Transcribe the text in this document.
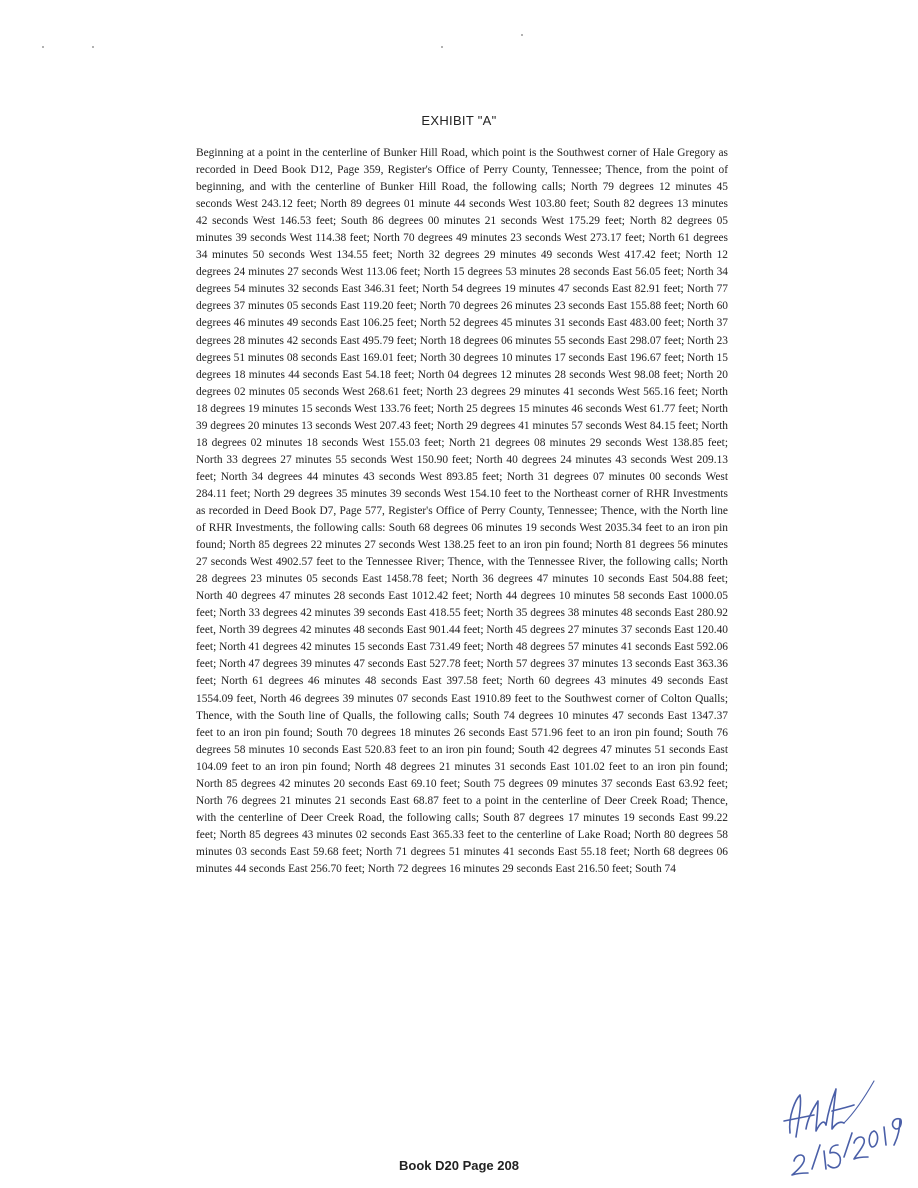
EXHIBIT "A"

Beginning at a point in the centerline of Bunker Hill Road, which point is the Southwest corner of Hale Gregory as recorded in Deed Book D12, Page 359, Register's Office of Perry County, Tennessee; Thence, from the point of beginning, and with the centerline of Bunker Hill Road, the following calls; North 79 degrees 12 minutes 45 seconds West 243.12 feet; North 89 degrees 01 minute 44 seconds West 103.80 feet; South 82 degrees 13 minutes 42 seconds West 146.53 feet; South 86 degrees 00 minutes 21 seconds West 175.29 feet; North 82 degrees 05 minutes 39 seconds West 114.38 feet; North 70 degrees 49 minutes 23 seconds West 273.17 feet; North 61 degrees 34 minutes 50 seconds West 134.55 feet; North 32 degrees 29 minutes 49 seconds West 417.42 feet; North 12 degrees 24 minutes 27 seconds West 113.06 feet; North 15 degrees 53 minutes 28 seconds East 56.05 feet; North 34 degrees 54 minutes 32 seconds East 346.31 feet; North 54 degrees 19 minutes 47 seconds East 82.91 feet; North 77 degrees 37 minutes 05 seconds East 119.20 feet; North 70 degrees 26 minutes 23 seconds East 155.88 feet; North 60 degrees 46 minutes 49 seconds East 106.25 feet; North 52 degrees 45 minutes 31 seconds East 483.00 feet; North 37 degrees 28 minutes 42 seconds East 495.79 feet; North 18 degrees 06 minutes 55 seconds East 298.07 feet; North 23 degrees 51 minutes 08 seconds East 169.01 feet; North 30 degrees 10 minutes 17 seconds East 196.67 feet; North 15 degrees 18 minutes 44 seconds East 54.18 feet; North 04 degrees 12 minutes 28 seconds West 98.08 feet; North 20 degrees 02 minutes 05 seconds West 268.61 feet; North 23 degrees 29 minutes 41 seconds West 565.16 feet; North 18 degrees 19 minutes 15 seconds West 133.76 feet; North 25 degrees 15 minutes 46 seconds West 61.77 feet; North 39 degrees 20 minutes 13 seconds West 207.43 feet; North 29 degrees 41 minutes 57 seconds West 84.15 feet; North 18 degrees 02 minutes 18 seconds West 155.03 feet; North 21 degrees 08 minutes 29 seconds West 138.85 feet; North 33 degrees 27 minutes 55 seconds West 150.90 feet; North 40 degrees 24 minutes 43 seconds West 209.13 feet; North 34 degrees 44 minutes 43 seconds West 893.85 feet; North 31 degrees 07 minutes 00 seconds West 284.11 feet; North 29 degrees 35 minutes 39 seconds West 154.10 feet to the Northeast corner of RHR Investments as recorded in Deed Book D7, Page 577, Register's Office of Perry County, Tennessee; Thence, with the North line of RHR Investments, the following calls: South 68 degrees 06 minutes 19 seconds West 2035.34 feet to an iron pin found; North 85 degrees 22 minutes 27 seconds West 138.25 feet to an iron pin found; North 81 degrees 56 minutes 27 seconds West 4902.57 feet to the Tennessee River; Thence, with the Tennessee River, the following calls; North 28 degrees 23 minutes 05 seconds East 1458.78 feet; North 36 degrees 47 minutes 10 seconds East 504.88 feet; North 40 degrees 47 minutes 28 seconds East 1012.42 feet; North 44 degrees 10 minutes 58 seconds East 1000.05 feet; North 33 degrees 42 minutes 39 seconds East 418.55 feet; North 35 degrees 38 minutes 48 seconds East 280.92 feet, North 39 degrees 42 minutes 48 seconds East 901.44 feet; North 45 degrees 27 minutes 37 seconds East 120.40 feet; North 41 degrees 42 minutes 15 seconds East 731.49 feet; North 48 degrees 57 minutes 41 seconds East 592.06 feet; North 47 degrees 39 minutes 47 seconds East 527.78 feet; North 57 degrees 37 minutes 13 seconds East 363.36 feet; North 61 degrees 46 minutes 48 seconds East 397.58 feet; North 60 degrees 43 minutes 49 seconds East 1554.09 feet, North 46 degrees 39 minutes 07 seconds East 1910.89 feet to the Southwest corner of Colton Qualls; Thence, with the South line of Qualls, the following calls; South 74 degrees 10 minutes 47 seconds East 1347.37 feet to an iron pin found; South 70 degrees 18 minutes 26 seconds East 571.96 feet to an iron pin found; South 76 degrees 58 minutes 10 seconds East 520.83 feet to an iron pin found; South 42 degrees 47 minutes 51 seconds East 104.09 feet to an iron pin found; North 48 degrees 21 minutes 31 seconds East 101.02 feet to an iron pin found; North 85 degrees 42 minutes 20 seconds East 69.10 feet; South 75 degrees 09 minutes 37 seconds East 63.92 feet; North 76 degrees 21 minutes 21 seconds East 68.87 feet to a point in the centerline of Deer Creek Road; Thence, with the centerline of Deer Creek Road, the following calls; South 87 degrees 17 minutes 19 seconds East 99.22 feet; North 85 degrees 43 minutes 02 seconds East 365.33 feet to the centerline of Lake Road; North 80 degrees 58 minutes 03 seconds East 59.68 feet; North 71 degrees 51 minutes 41 seconds East 55.18 feet; North 68 degrees 06 minutes 44 seconds East 256.70 feet; North 72 degrees 16 minutes 29 seconds East 216.50 feet; South 74

Book D20 Page 208
